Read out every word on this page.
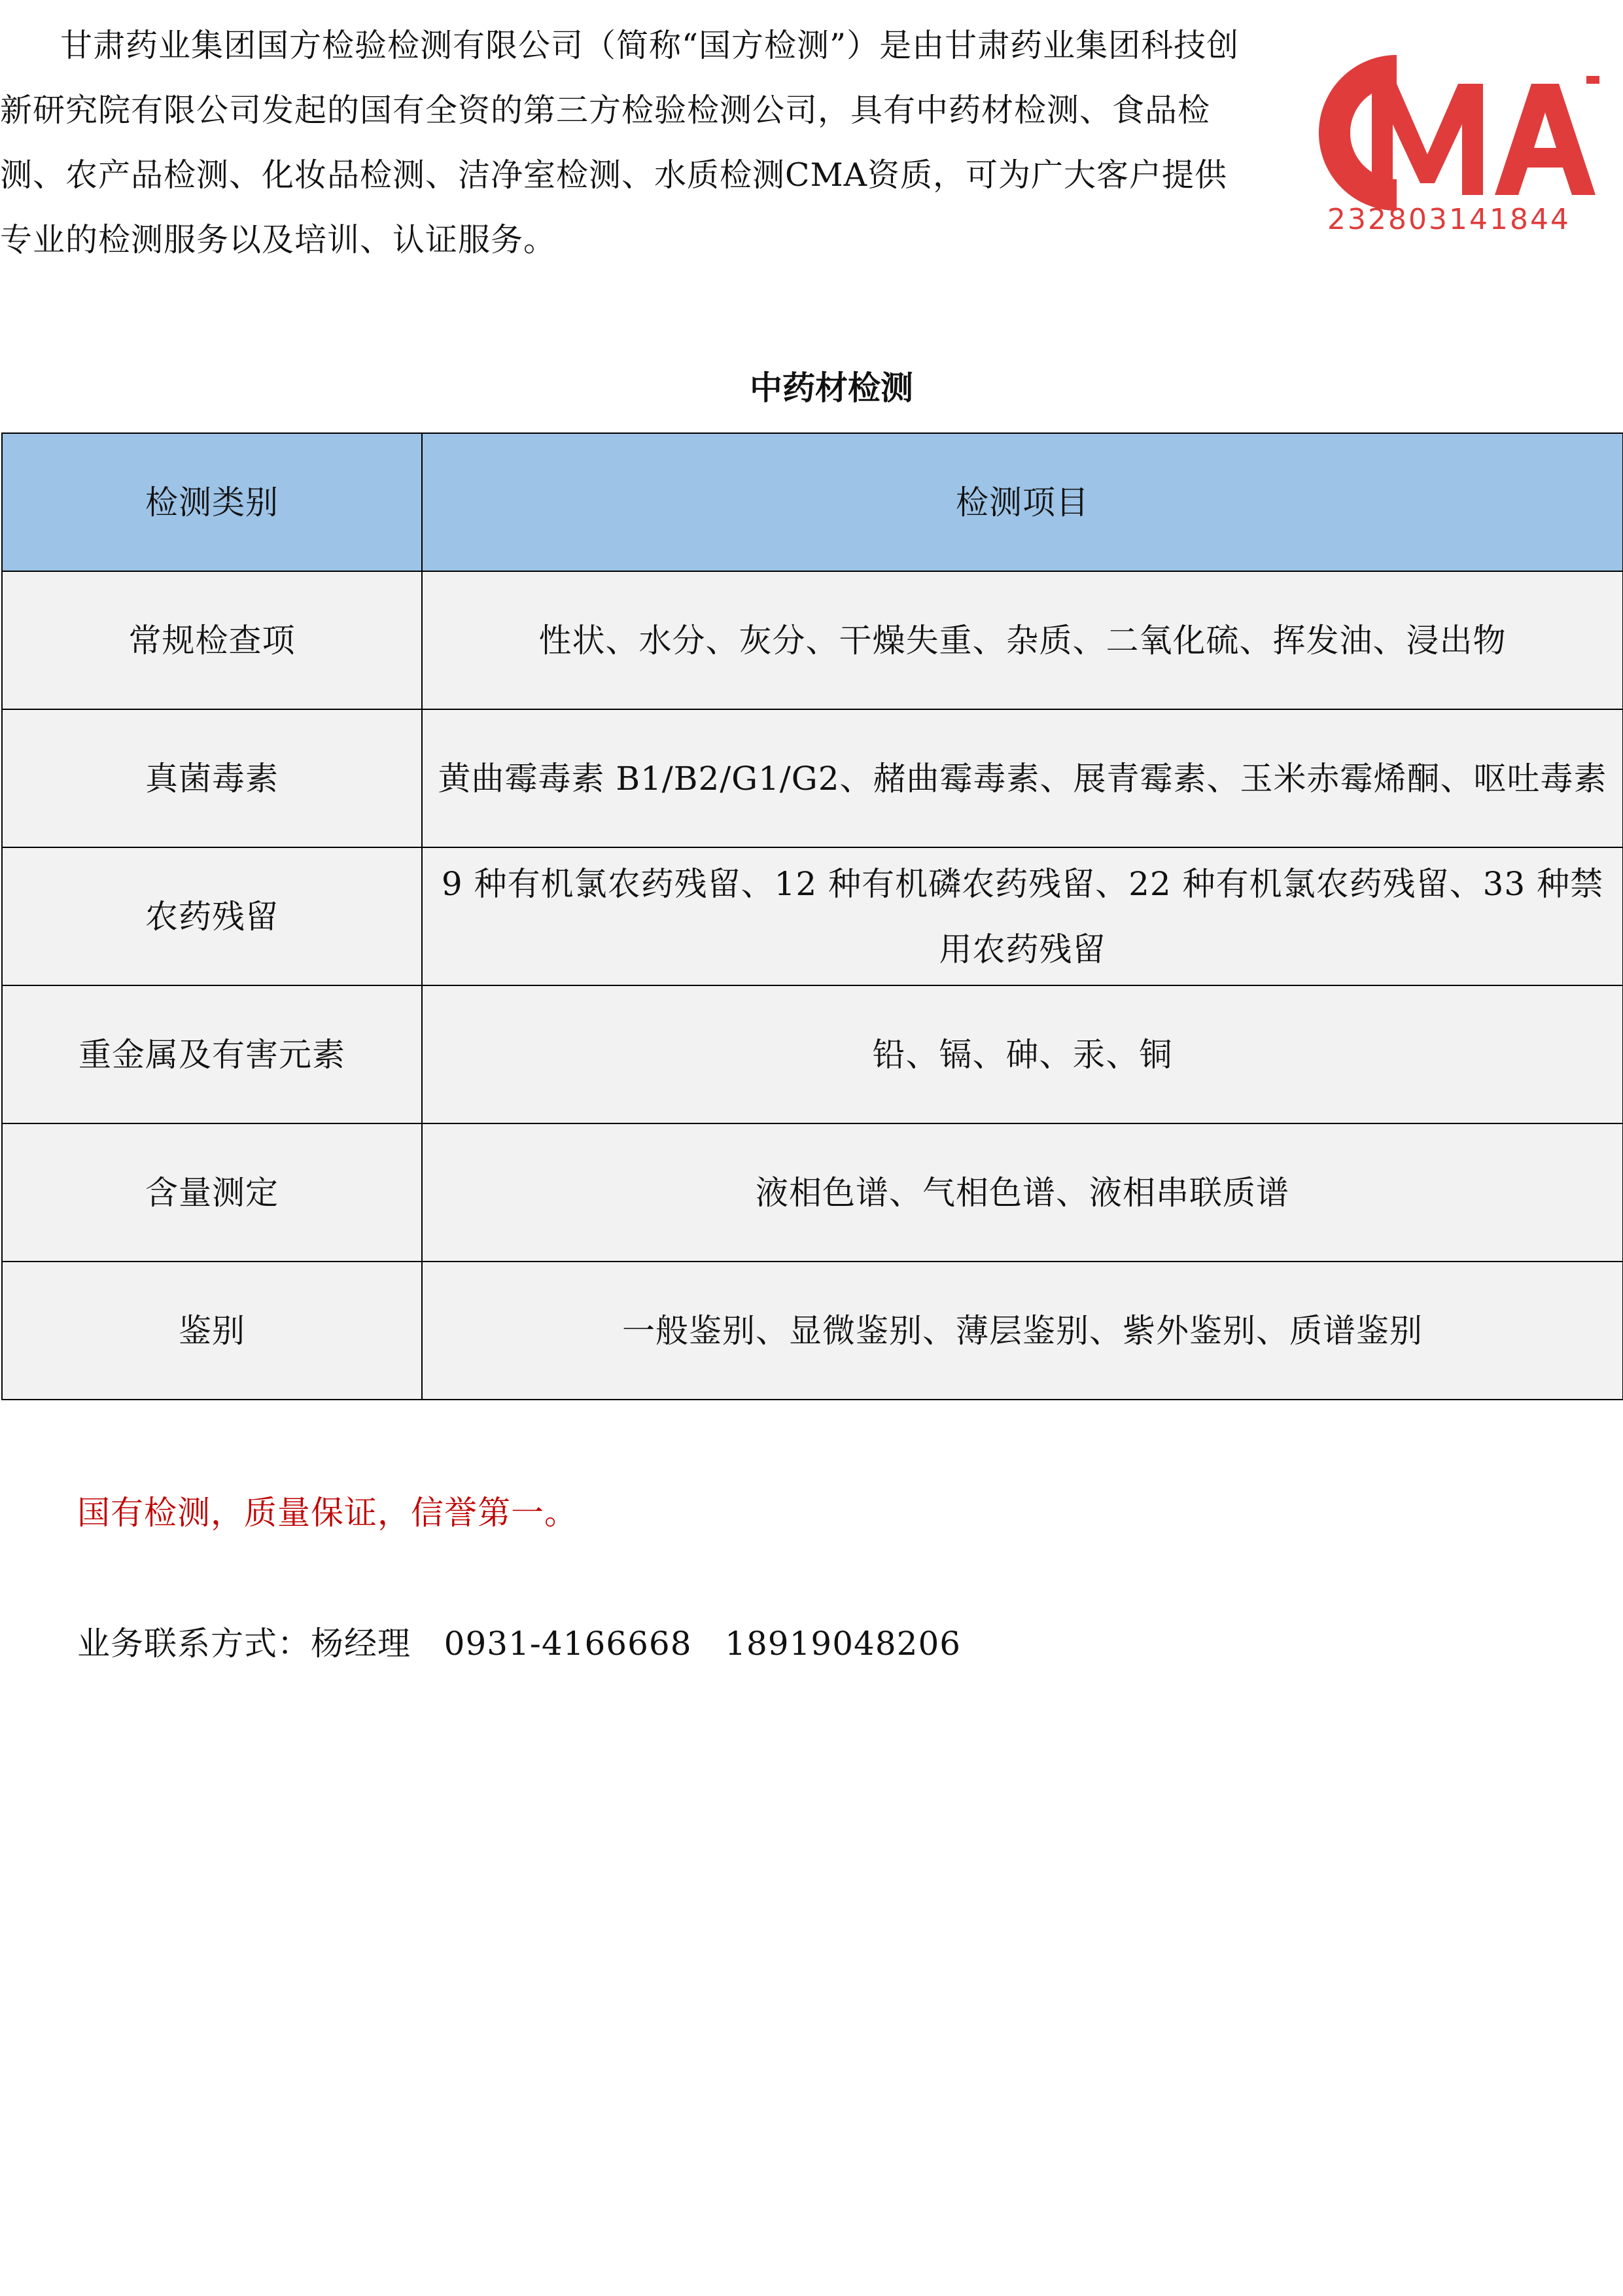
甘肃药业集团国方检验检测有限公司（简称“国方检测”）是由甘肃药业集团科技创新研究院有限公司发起的国有全资的第三方检验检测公司，具有中药材检测、食品检测、农产品检测、化妆品检测、洁净室检测、水质检测CMA资质，可为广大客户提供专业的检测服务以及培训、认证服务。

232803141844
中药材检测
检测类别	检测项目
常规检查项	性状、水分、灰分、干燥失重、杂质、二氧化硫、挥发油、浸出物
真菌毒素	黄曲霉毒素 B1/B2/G1/G2、赭曲霉毒素、展青霉素、玉米赤霉烯酮、呕吐毒素
农药残留	9 种有机氯农药残留、12 种有机磷农药残留、22 种有机氯农药残留、33 种禁用农药残留
重金属及有害元素	铅、镉、砷、汞、铜
含量测定	液相色谱、气相色谱、液相串联质谱
鉴别	一般鉴别、显微鉴别、薄层鉴别、紫外鉴别、质谱鉴别

国有检测，质量保证，信誉第一。

业务联系方式：杨经理   0931-4166668   18919048206
